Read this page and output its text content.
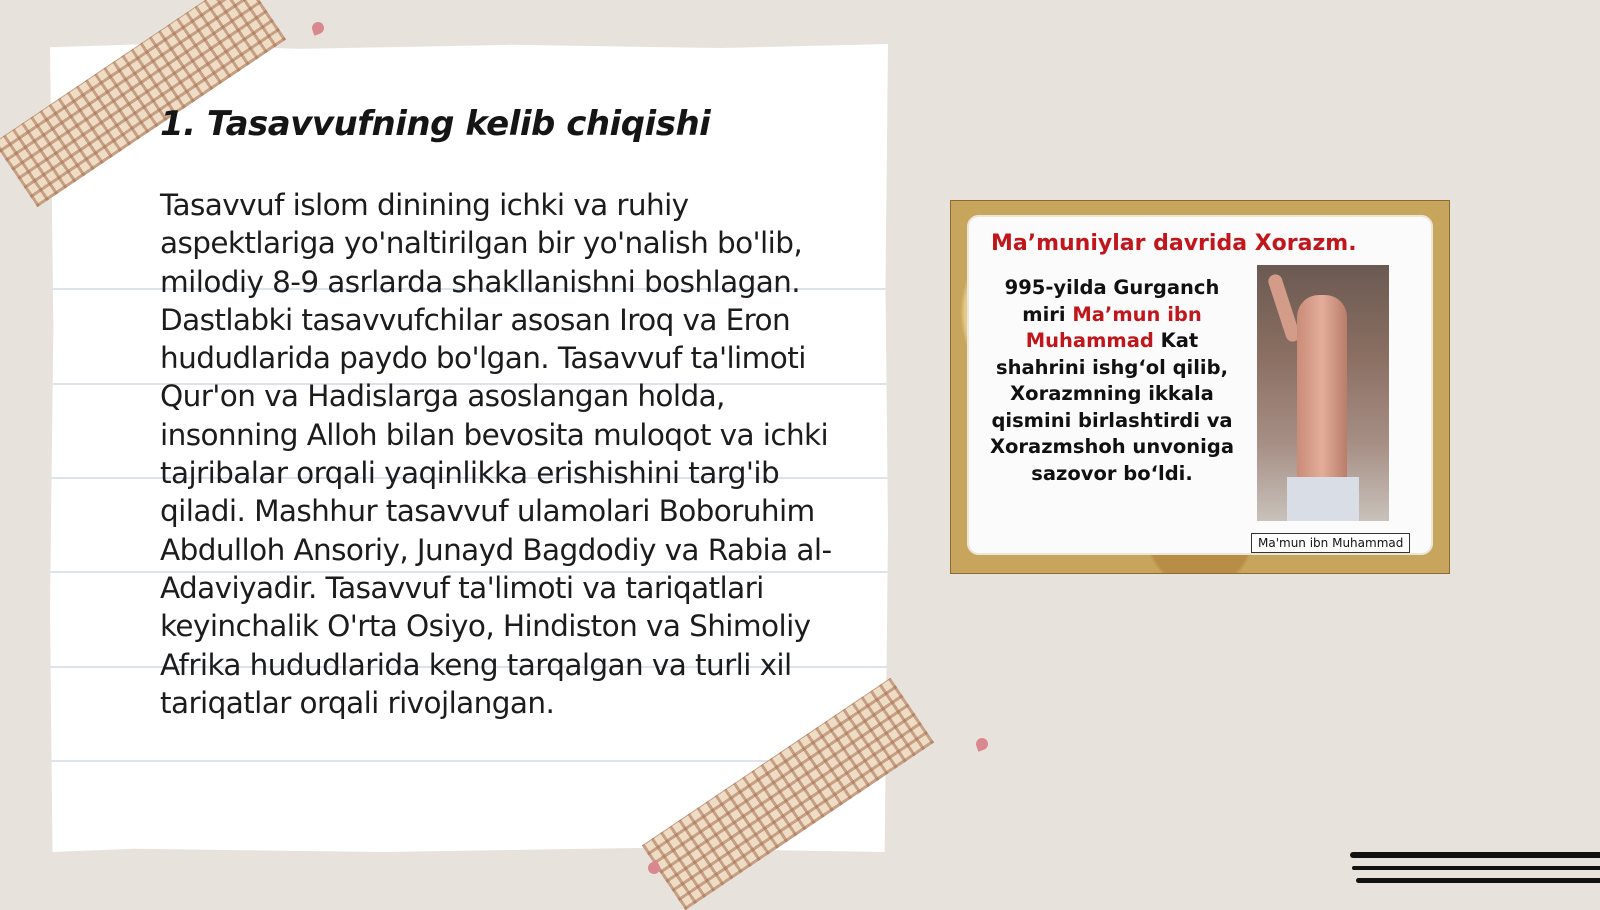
1. Tasavvufning kelib chiqishi

Tasavvuf islom dinining ichki va ruhiy aspektlariga yo'naltirilgan bir yo'nalish bo'lib, milodiy 8-9 asrlarda shakllanishni boshlagan. Dastlabki tasavvufchilar asosan Iroq va Eron hududlarida paydo bo'lgan. Tasavvuf ta'limoti Qur'on va Hadislarga asoslangan holda, insonning Alloh bilan bevosita muloqot va ichki tajribalar orqali yaqinlikka erishishini targ'ib qiladi. Mashhur tasavvuf ulamolari Boboruhim Abdulloh Ansoriy, Junayd Bagdodiy va Rabia al-Adaviyadir. Tasavvuf ta'limoti va tariqatlari keyinchalik O'rta Osiyo, Hindiston va Shimoliy Afrika hududlarida keng tarqalgan va turli xil tariqatlar orqali rivojlangan.

Ma’muniylar davrida Xorazm.

995-yilda Gurganch miri Ma’mun ibn Muhammad Kat shahrini ishg‘ol qilib, Xorazmning ikkala qismini birlashtirdi va Xorazmshoh unvoniga sazovor bo‘ldi.

Ma'mun ibn Muhammad
